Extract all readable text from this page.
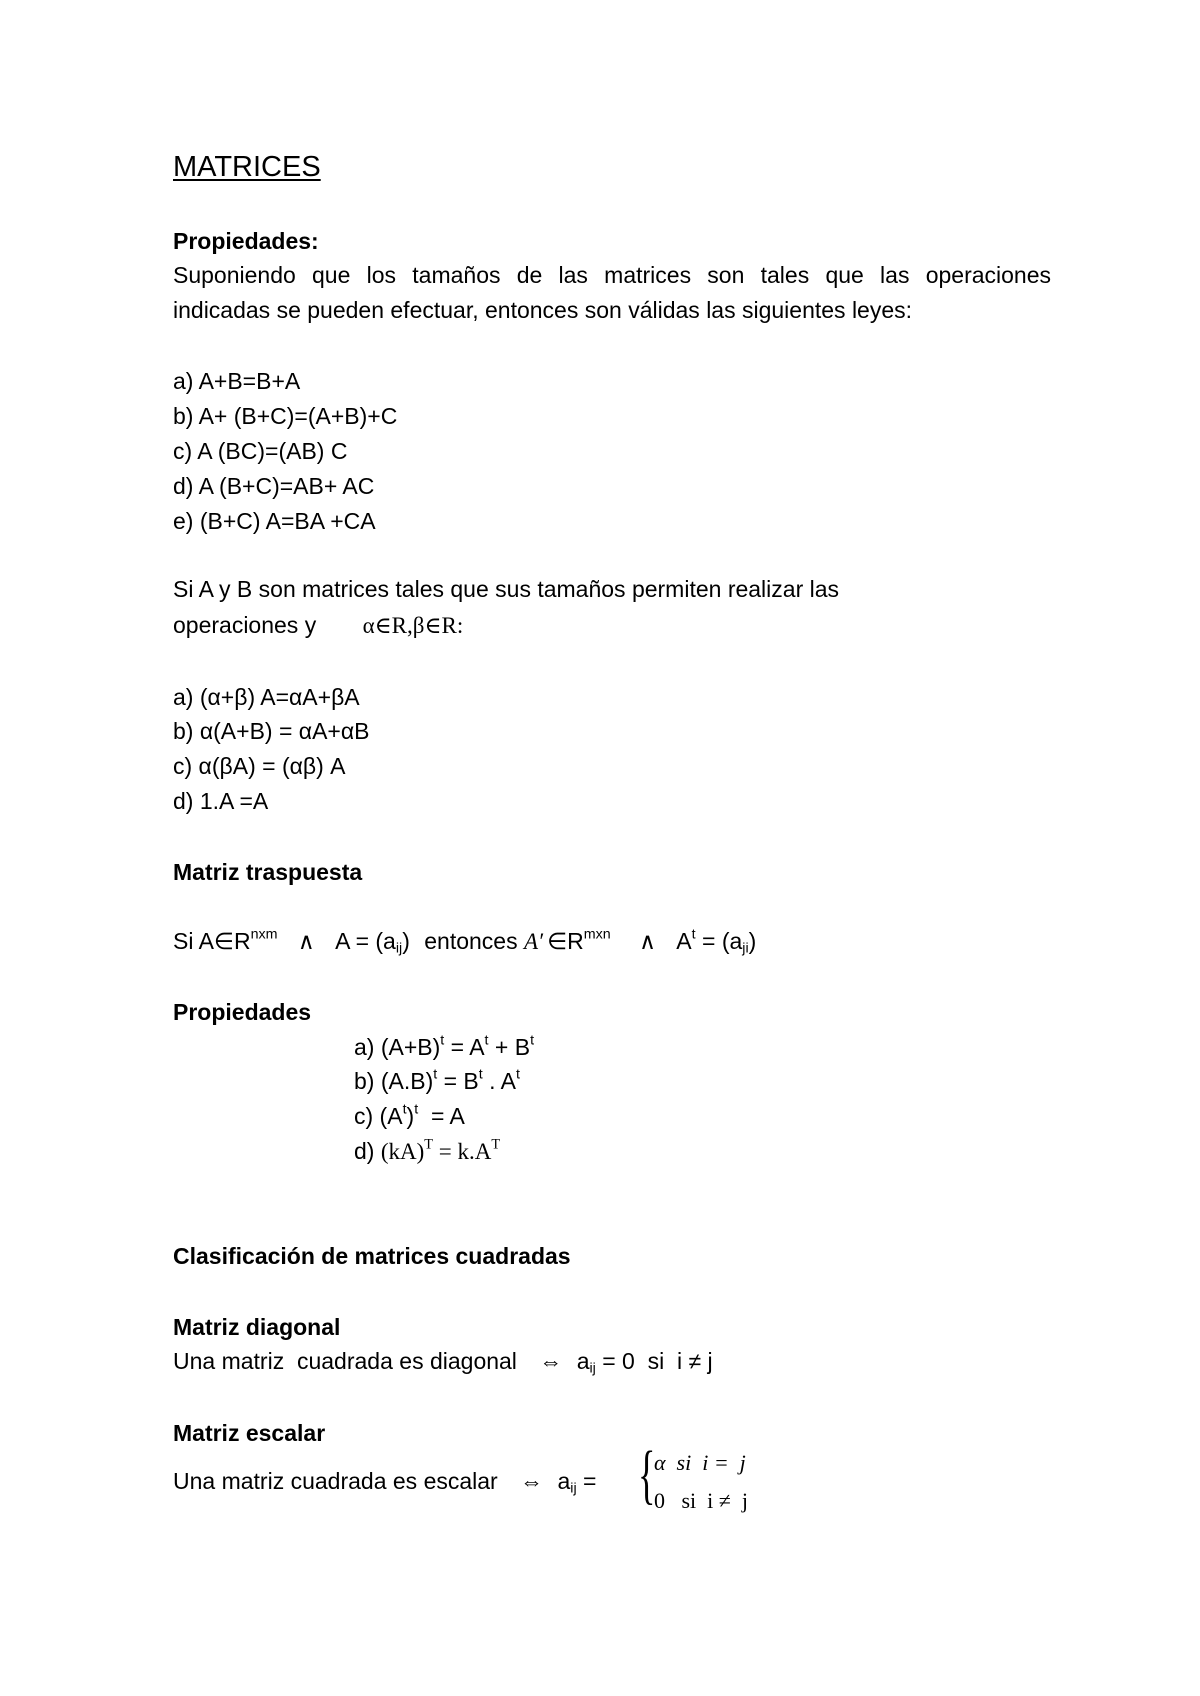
MATRICES
Propiedades:
Suponiendo que los tamaños de las matrices son tales que las operaciones
indicadas se pueden efectuar, entonces son válidas las siguientes leyes:
a) A+B=B+A
b) A+ (B+C)=(A+B)+C
c) A (BC)=(AB) C
d) A (B+C)=AB+ AC
e) (B+C) A=BA +CA
Si A y B son matrices tales que sus tamaños permiten realizar las
operaciones y α∈R,β∈R:
a) (α+β) A=αA+βA
b) α(A+B) = αA+αB
c) α(βA) = (αβ) A
d) 1.A =A
Matriz traspuesta
Si $A\in R^{nxm}$ ∧ $A = (a_{ij})$ entonces A′ $\in R^{mxn}$ ∧ $A^t = (a_{ji})$
Propiedades
a) $(A+B)^t = A^t + B^t$
b) $(A.B)^t = B^t$ . $A^t$
c) $(A^t)^t = A$
d) $(kA)^T = k.A^T$
Clasificación de matrices cuadradas
Matriz diagonal
Una matriz  cuadrada es diagonal ⇔ $a_{ij} = 0$  si  i ≠ j
Matriz escalar
Una matriz cuadrada es escalar ⇔ $a_{ij}$ = {
α  si  i =  j
0   si  i ≠  j
